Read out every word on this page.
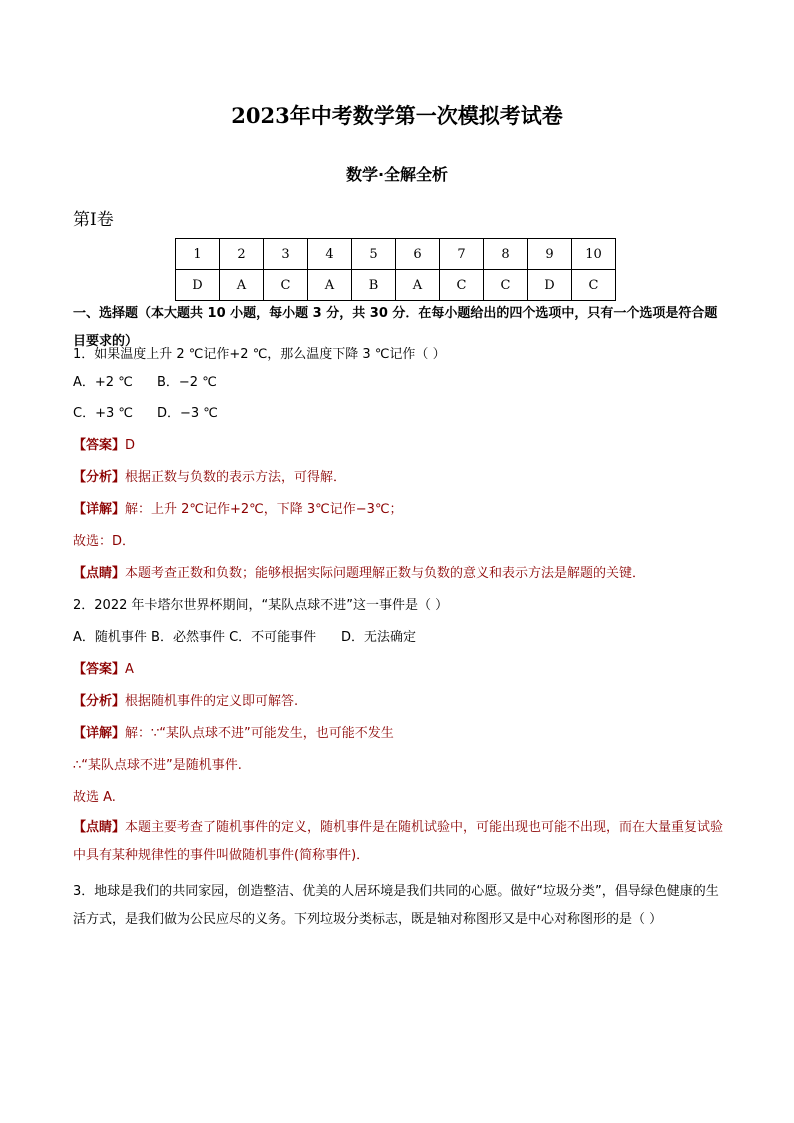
2023年中考数学第一次模拟考试卷
数学·全解全析
第Ⅰ卷
1	2	3	4	5	6	7	8	9	10
D	A	C	A	B	A	C	C	D	C
一、选择题（本大题共 10 小题，每小题 3 分，共 30 分．在每小题给出的四个选项中，只有一个选项是符合题目要求的）
1．如果温度上升 2 ℃记作+2 ℃，那么温度下降 3 ℃记作（ ）
A．+2 ℃ B．−2 ℃
C．+3 ℃ D．−3 ℃
【答案】D
【分析】根据正数与负数的表示方法，可得解．
【详解】解：上升 2℃记作+2℃，下降 3℃记作−3℃；
故选：D．
【点睛】本题考查正数和负数；能够根据实际问题理解正数与负数的意义和表示方法是解题的关键．
2．2022 年卡塔尔世界杯期间，“某队点球不进”这一事件是（ ）
A．随机事件 B．必然事件 C．不可能事件      D．无法确定
【答案】A
【分析】根据随机事件的定义即可解答.
【详解】解：∵“某队点球不进”可能发生，也可能不发生
∴“某队点球不进”是随机事件.
故选 A.
【点睛】本题主要考查了随机事件的定义，随机事件是在随机试验中，可能出现也可能不出现，而在大量重复试验中具有某种规律性的事件叫做随机事件(简称事件)．
3．地球是我们的共同家园，创造整洁、优美的人居环境是我们共同的心愿。做好“垃圾分类”，倡导绿色健康的生活方式，是我们做为公民应尽的义务。下列垃圾分类标志，既是轴对称图形又是中心对称图形的是（ ）
